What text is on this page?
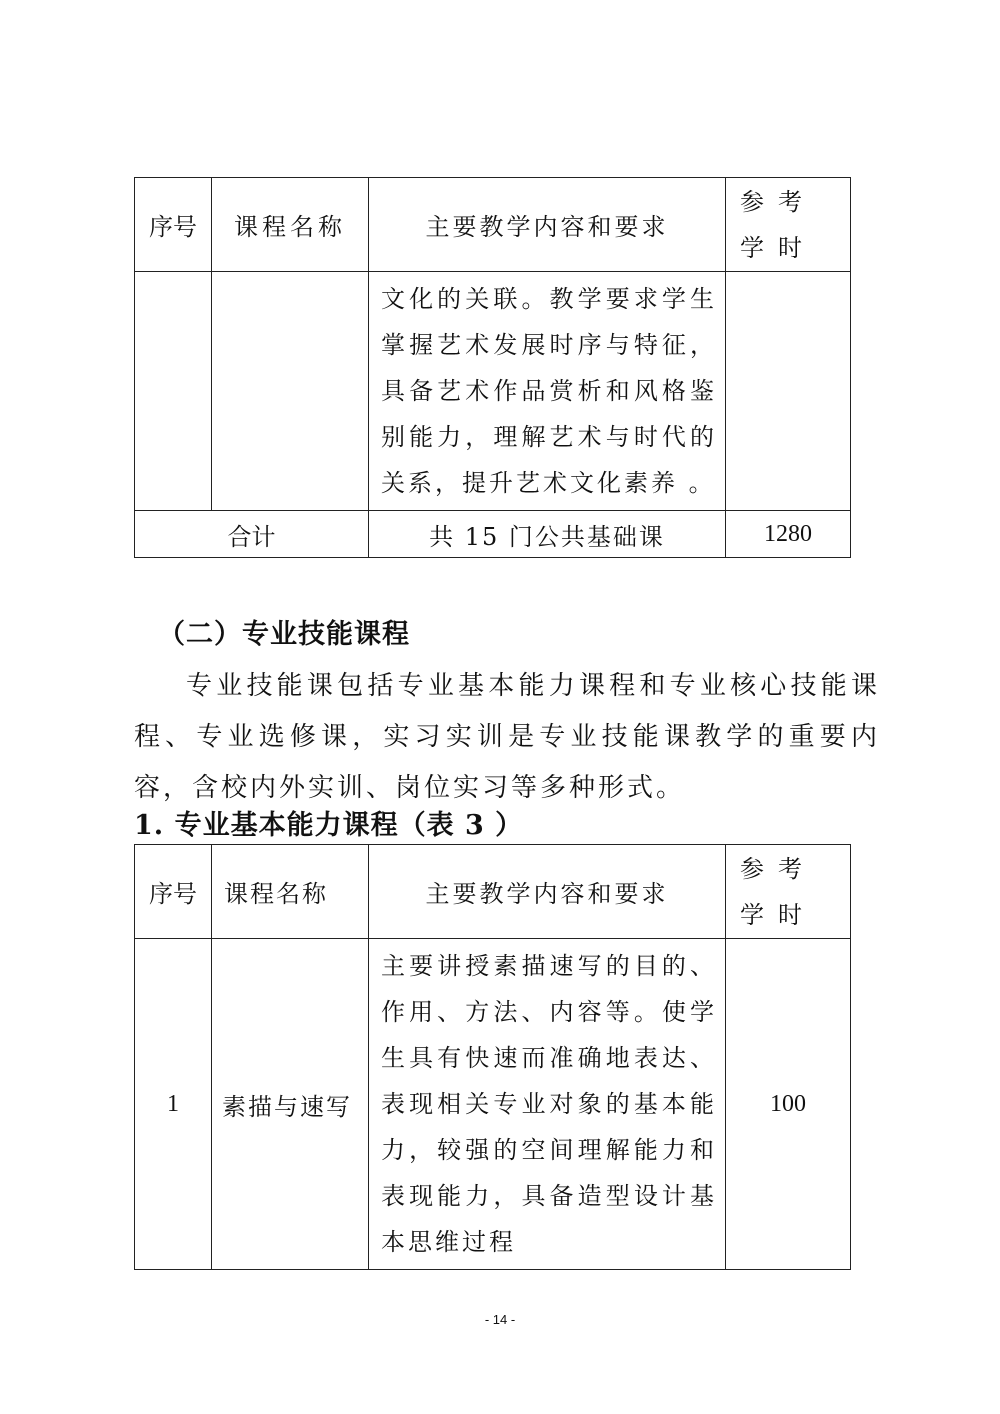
序号	课程名称	主要教学内容和要求	参考学时
		文化的关联。教学要求学生掌握艺术发展时序与特征，具备艺术作品赏析和风格鉴别能力，理解艺术与时代的关系，提升艺术文化素养 。	
合计		共 15 门公共基础课	1280
（二）专业技能课程
专业技能课包括专业基本能力课程和专业核心技能课程、专业选修课，实习实训是专业技能课教学的重要内容，含校内外实训、岗位实习等多种形式。
1. 专业基本能力课程（表 3 ）
序号	课程名称	主要教学内容和要求	参考学时
1	素描与速写	主要讲授素描速写的目的、作用、方法、内容等。使学生具有快速而准确地表达、表现相关专业对象的基本能力，较强的空间理解能力和表现能力，具备造型设计基本思维过程	100
- 14 -
